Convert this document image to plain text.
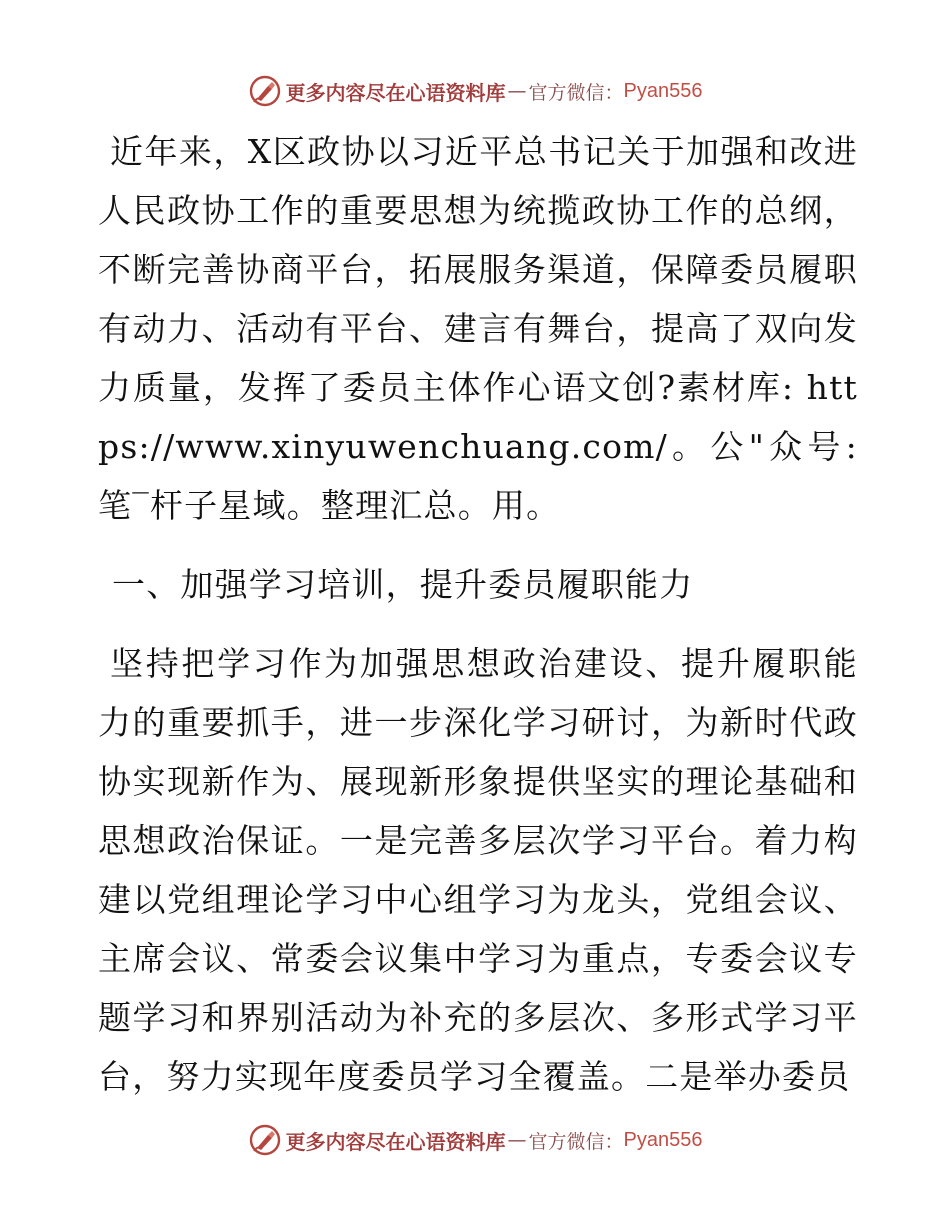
更多内容尽在心语资料库 — 官方微信： Pyan556

近年来，X区政协以习近平总书记关于加强和改进人民政协工作的重要思想为统揽政协工作的总纲，不断完善协商平台，拓展服务渠道，保障委员履职有动力、活动有平台、建言有舞台，提高了双向发力质量，发挥了委员主体作心语文创?素材库: https://www.xinyuwenchuang.com/。公"众号: 笔‾杆子星域。整理汇总。用。

一、加强学习培训，提升委员履职能力

坚持把学习作为加强思想政治建设、提升履职能力的重要抓手，进一步深化学习研讨，为新时代政协实现新作为、展现新形象提供坚实的理论基础和思想政治保证。一是完善多层次学习平台。着力构建以党组理论学习中心组学习为龙头，党组会议、主席会议、常委会议集中学习为重点，专委会议专题学习和界别活动为补充的多层次、多形式学习平台，努力实现年度委员学习全覆盖。二是举办委员

更多内容尽在心语资料库 — 官方微信： Pyan556
